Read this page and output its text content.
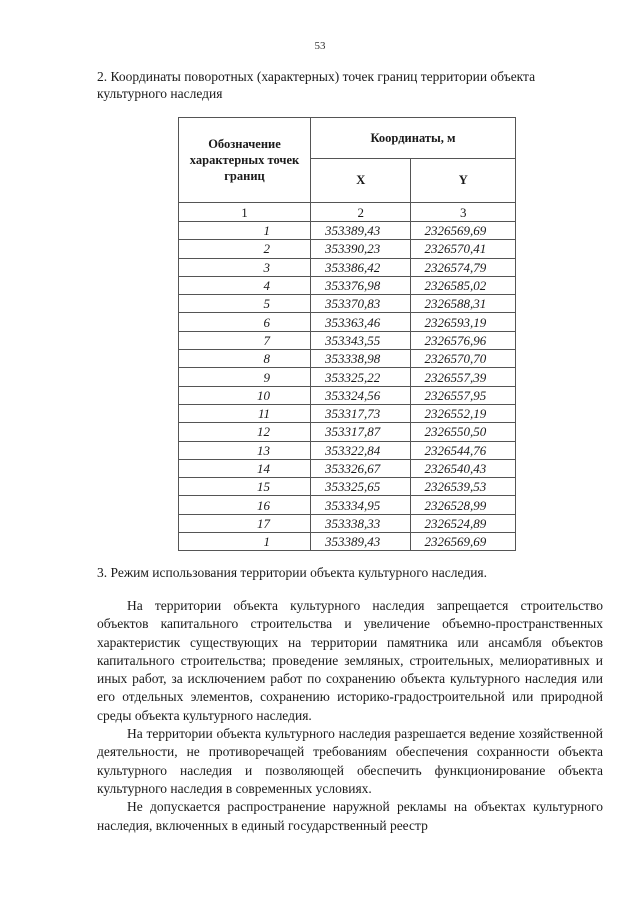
53
2. Координаты поворотных (характерных) точек границ территории объекта культурного наследия
Обозначение характерных точек границ	Координаты, м	
	X	Y
1	2	3
1	353389,43	2326569,69
2	353390,23	2326570,41
3	353386,42	2326574,79
4	353376,98	2326585,02
5	353370,83	2326588,31
6	353363,46	2326593,19
7	353343,55	2326576,96
8	353338,98	2326570,70
9	353325,22	2326557,39
10	353324,56	2326557,95
11	353317,73	2326552,19
12	353317,87	2326550,50
13	353322,84	2326544,76
14	353326,67	2326540,43
15	353325,65	2326539,53
16	353334,95	2326528,99
17	353338,33	2326524,89
1	353389,43	2326569,69
3. Режим использования территории объекта культурного наследия.

На территории объекта культурного наследия запрещается строительство объектов капитального строительства и увеличение объемно-пространственных характеристик существующих на территории памятника или ансамбля объектов капитального строительства; проведение земляных, строительных, мелиоративных и иных работ, за исключением работ по сохранению объекта культурного наследия или его отдельных элементов, сохранению историко-градостроительной или природной среды объекта культурного наследия.

На территории объекта культурного наследия разрешается ведение хозяйственной деятельности, не противоречащей требованиям обеспечения сохранности объекта культурного наследия и позволяющей обеспечить функционирование объекта культурного наследия в современных условиях.

Не допускается распространение наружной рекламы на объектах культурного наследия, включенных в единый государственный реестр
